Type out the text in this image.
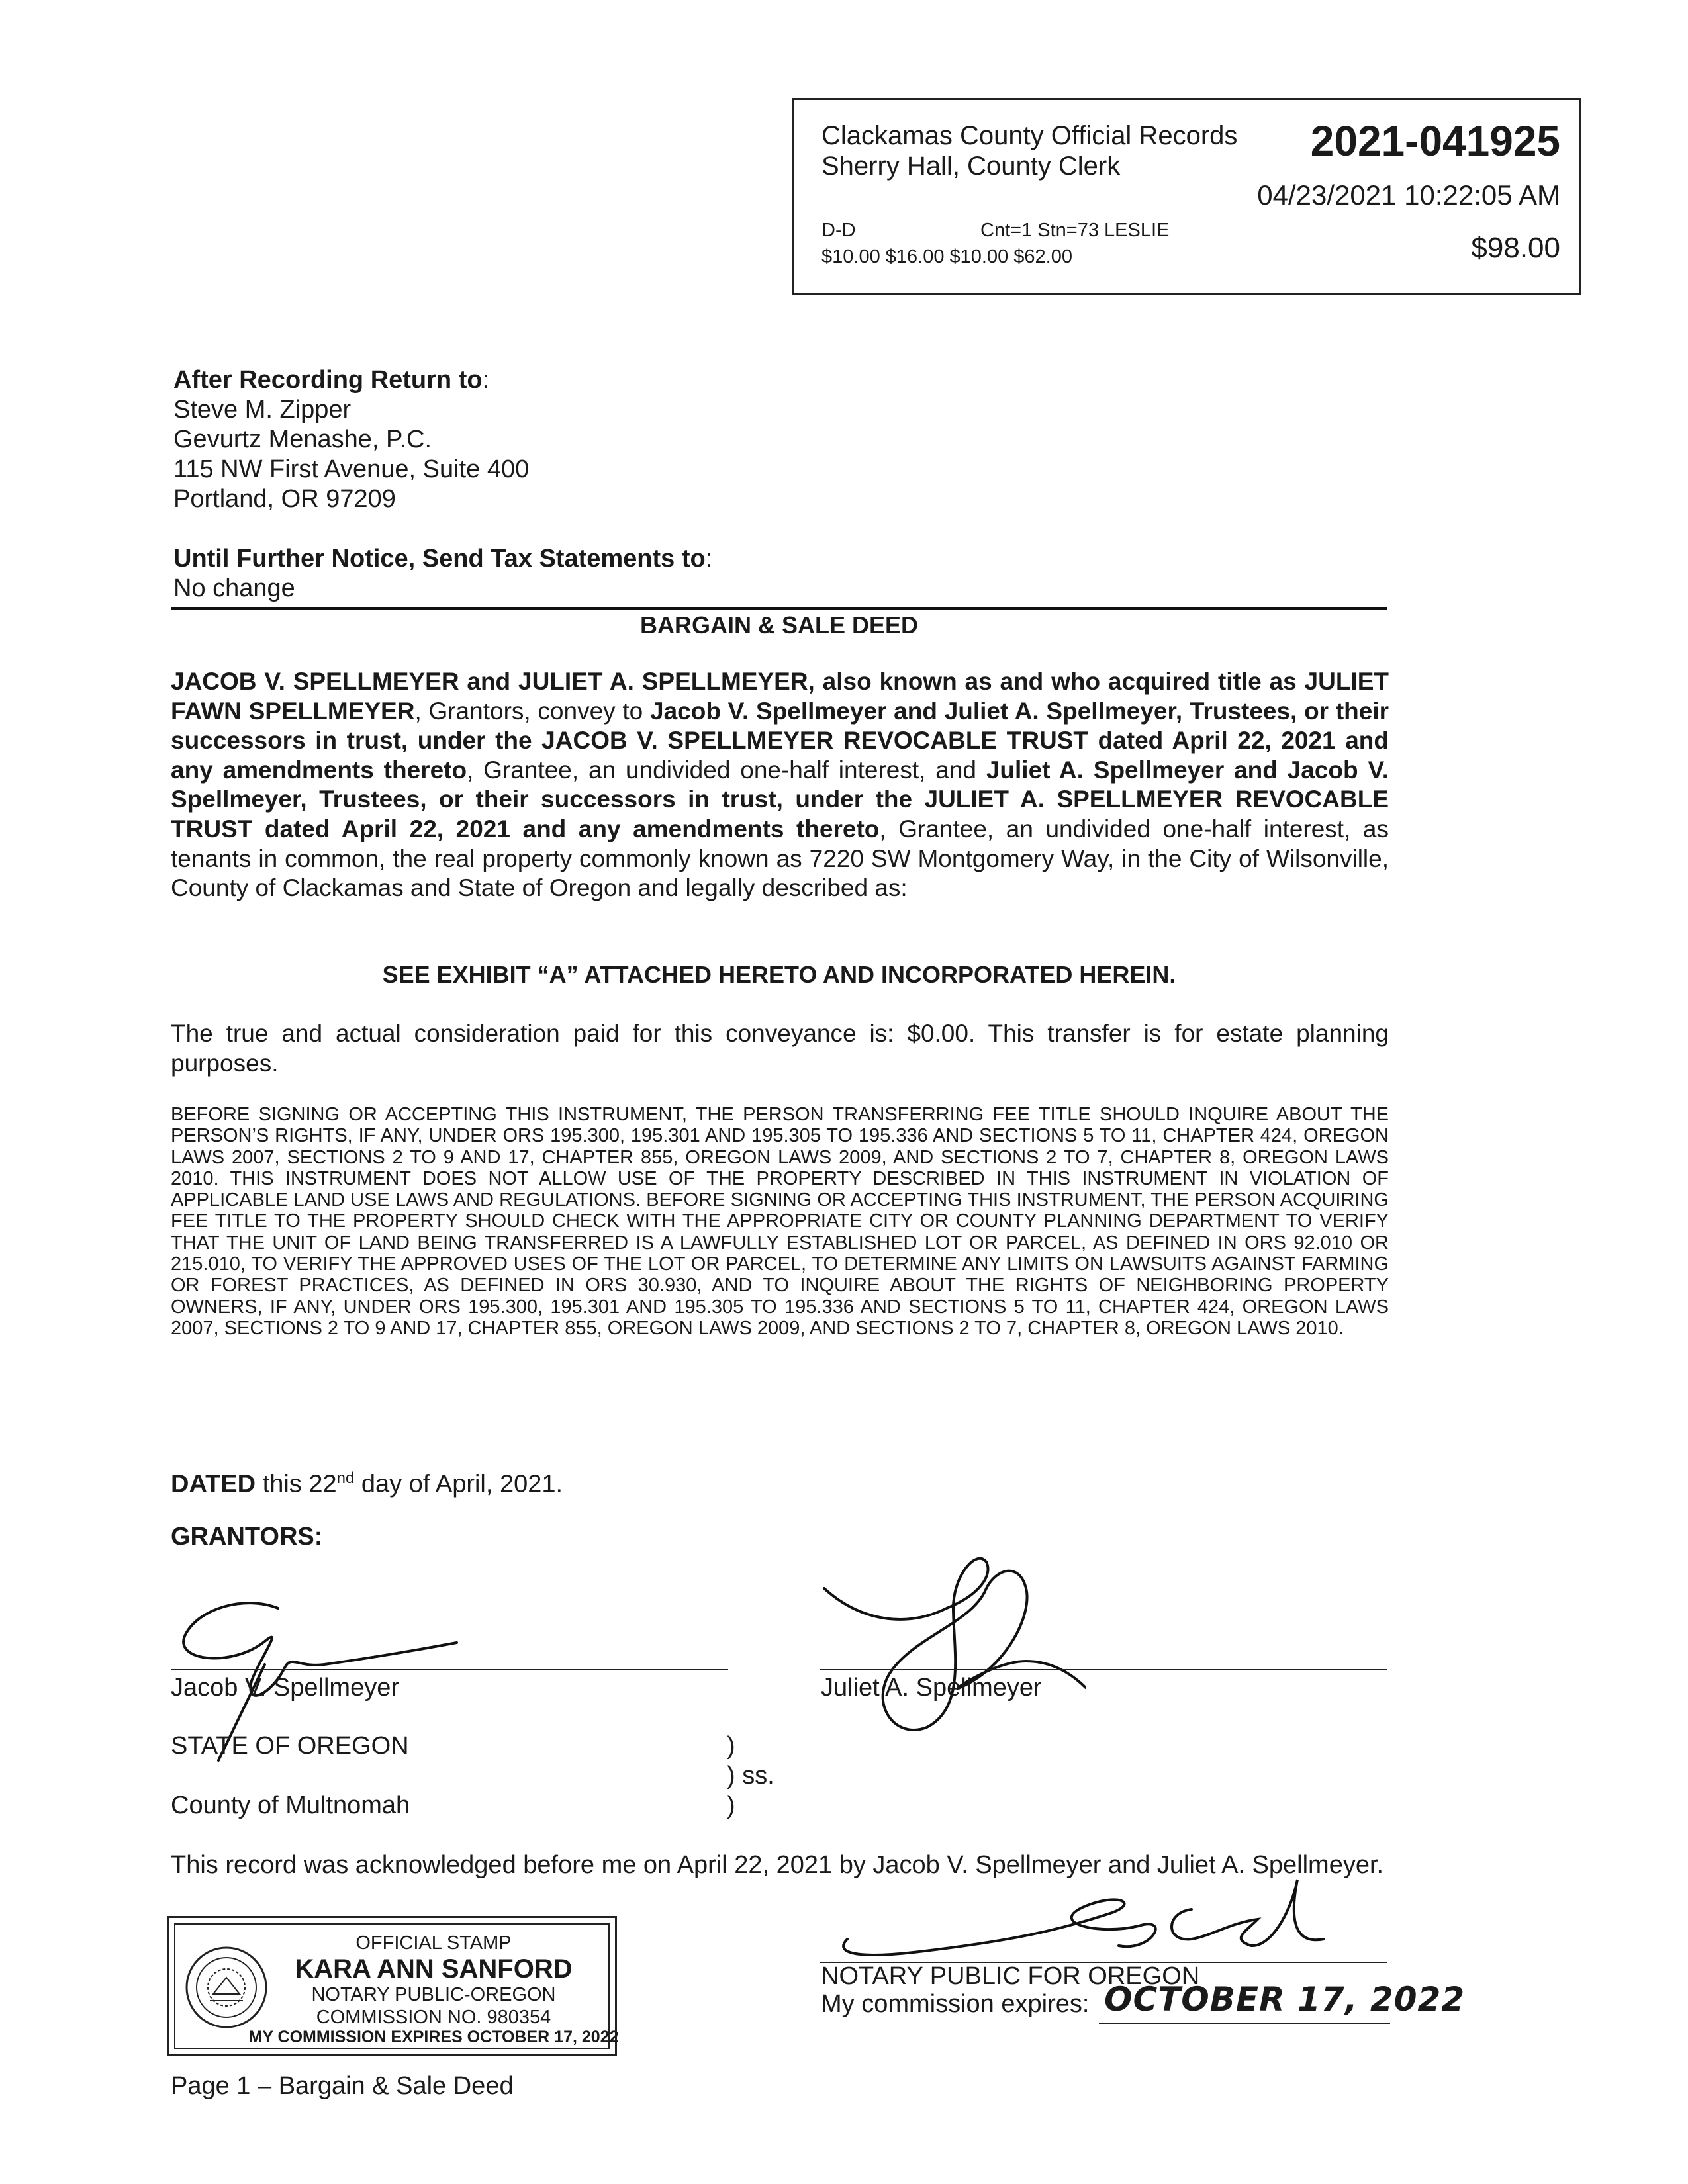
Clackamas County Official Records
Sherry Hall, County Clerk
2021-041925
04/23/2021 10:22:05 AM
D-D	Cnt=1 Stn=73 LESLIE
$10.00 $16.00 $10.00 $62.00	$98.00
After Recording Return to:
Steve M. Zipper
Gevurtz Menashe, P.C.
115 NW First Avenue, Suite 400
Portland, OR 97209
Until Further Notice, Send Tax Statements to:
No change
BARGAIN & SALE DEED
JACOB V. SPELLMEYER and JULIET A. SPELLMEYER, also known as and who acquired title as JULIET FAWN SPELLMEYER, Grantors, convey to Jacob V. Spellmeyer and Juliet A. Spellmeyer, Trustees, or their successors in trust, under the JACOB V. SPELLMEYER REVOCABLE TRUST dated April 22, 2021 and any amendments thereto, Grantee, an undivided one-half interest, and Juliet A. Spellmeyer and Jacob V. Spellmeyer, Trustees, or their successors in trust, under the JULIET A. SPELLMEYER REVOCABLE TRUST dated April 22, 2021 and any amendments thereto, Grantee, an undivided one-half interest, as tenants in common, the real property commonly known as 7220 SW Montgomery Way, in the City of Wilsonville, County of Clackamas and State of Oregon and legally described as:
SEE EXHIBIT “A” ATTACHED HERETO AND INCORPORATED HEREIN.
The true and actual consideration paid for this conveyance is: $0.00. This transfer is for estate planning purposes.
BEFORE SIGNING OR ACCEPTING THIS INSTRUMENT, THE PERSON TRANSFERRING FEE TITLE SHOULD INQUIRE ABOUT THE PERSON’S RIGHTS, IF ANY, UNDER ORS 195.300, 195.301 AND 195.305 TO 195.336 AND SECTIONS 5 TO 11, CHAPTER 424, OREGON LAWS 2007, SECTIONS 2 TO 9 AND 17, CHAPTER 855, OREGON LAWS 2009, AND SECTIONS 2 TO 7, CHAPTER 8, OREGON LAWS 2010. THIS INSTRUMENT DOES NOT ALLOW USE OF THE PROPERTY DESCRIBED IN THIS INSTRUMENT IN VIOLATION OF APPLICABLE LAND USE LAWS AND REGULATIONS. BEFORE SIGNING OR ACCEPTING THIS INSTRUMENT, THE PERSON ACQUIRING FEE TITLE TO THE PROPERTY SHOULD CHECK WITH THE APPROPRIATE CITY OR COUNTY PLANNING DEPARTMENT TO VERIFY THAT THE UNIT OF LAND BEING TRANSFERRED IS A LAWFULLY ESTABLISHED LOT OR PARCEL, AS DEFINED IN ORS 92.010 OR 215.010, TO VERIFY THE APPROVED USES OF THE LOT OR PARCEL, TO DETERMINE ANY LIMITS ON LAWSUITS AGAINST FARMING OR FOREST PRACTICES, AS DEFINED IN ORS 30.930, AND TO INQUIRE ABOUT THE RIGHTS OF NEIGHBORING PROPERTY OWNERS, IF ANY, UNDER ORS 195.300, 195.301 AND 195.305 TO 195.336 AND SECTIONS 5 TO 11, CHAPTER 424, OREGON LAWS 2007, SECTIONS 2 TO 9 AND 17, CHAPTER 855, OREGON LAWS 2009, AND SECTIONS 2 TO 7, CHAPTER 8, OREGON LAWS 2010.
DATED this 22nd day of April, 2021.
GRANTORS:
Jacob V. Spellmeyer	Juliet A. Spellmeyer
STATE OF OREGON
County of Multnomah
)
) ss.
)
This record was acknowledged before me on April 22, 2021 by Jacob V. Spellmeyer and Juliet A. Spellmeyer.
OFFICIAL STAMP
KARA ANN SANFORD
NOTARY PUBLIC-OREGON
COMMISSION NO. 980354
MY COMMISSION EXPIRES OCTOBER 17, 2022
NOTARY PUBLIC FOR OREGON
My commission expires: OCTOBER 17, 2022
Page 1 – Bargain & Sale Deed
